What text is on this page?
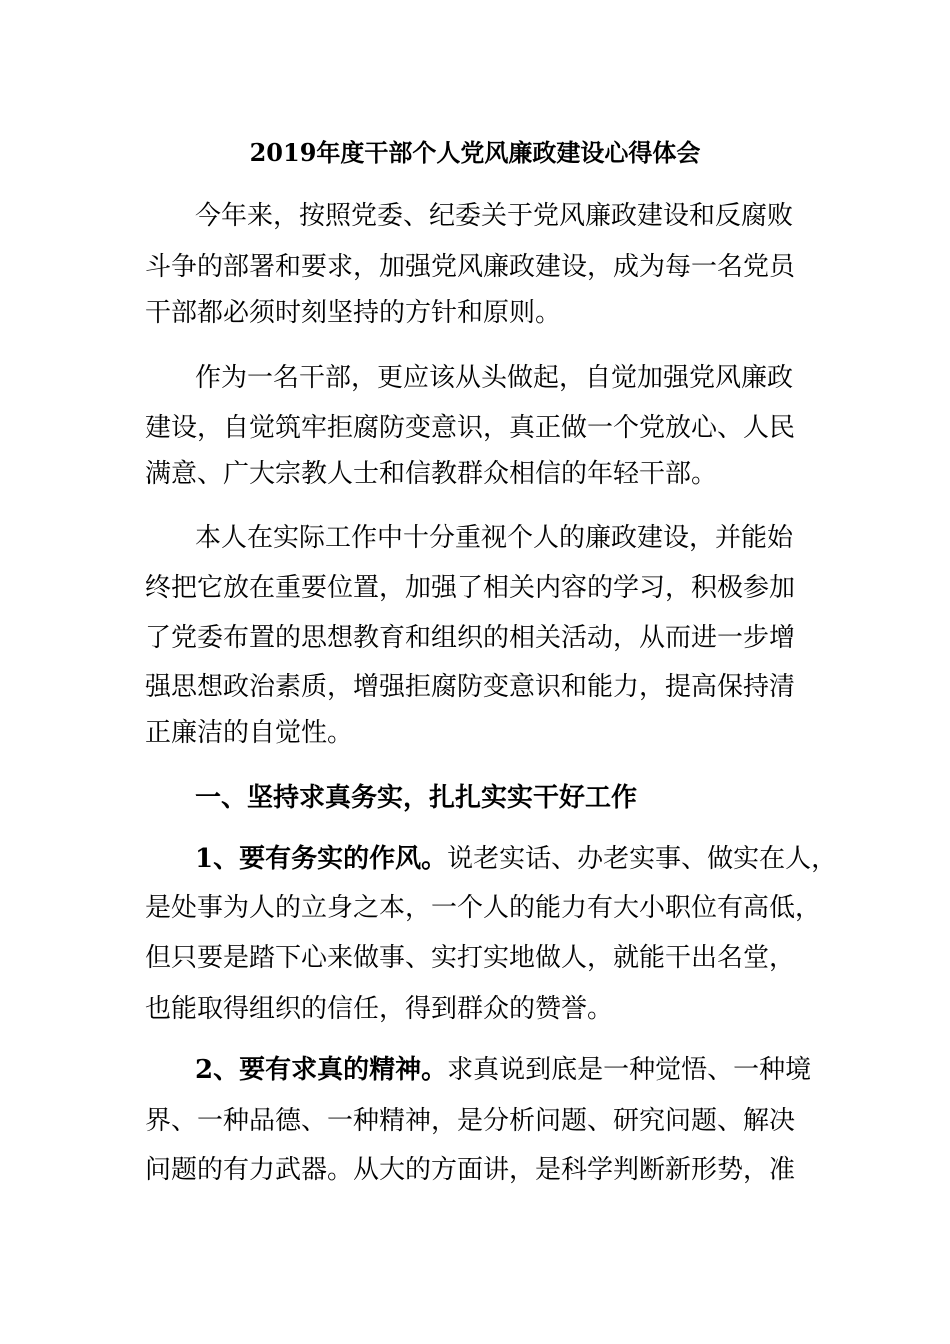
2019年度干部个人党风廉政建设心得体会
今年来，按照党委、纪委关于党风廉政建设和反腐败
斗争的部署和要求，加强党风廉政建设，成为每一名党员
干部都必须时刻坚持的方针和原则。
作为一名干部，更应该从头做起，自觉加强党风廉政
建设，自觉筑牢拒腐防变意识，真正做一个党放心、人民
满意、广大宗教人士和信教群众相信的年轻干部。
本人在实际工作中十分重视个人的廉政建设，并能始
终把它放在重要位置，加强了相关内容的学习，积极参加
了党委布置的思想教育和组织的相关活动，从而进一步增
强思想政治素质，增强拒腐防变意识和能力，提高保持清
正廉洁的自觉性。
一、坚持求真务实，扎扎实实干好工作
1、要有务实的作风。说老实话、办老实事、做实在人，
是处事为人的立身之本，一个人的能力有大小职位有高低，
但只要是踏下心来做事、实打实地做人，就能干出名堂，
也能取得组织的信任，得到群众的赞誉。
2、要有求真的精神。求真说到底是一种觉悟、一种境
界、一种品德、一种精神，是分析问题、研究问题、解决
问题的有力武器。从大的方面讲，是科学判断新形势，准
